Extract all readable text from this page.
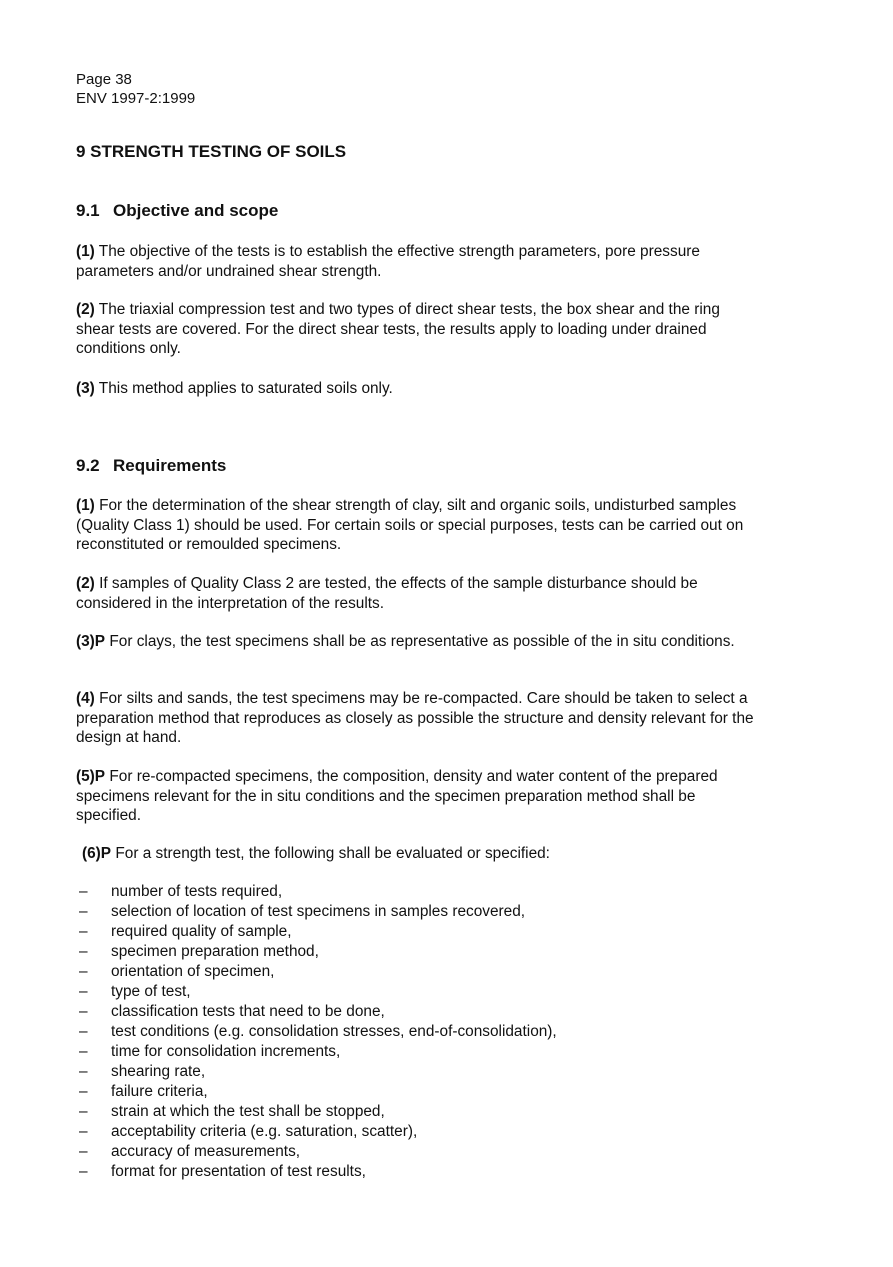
Page 38

ENV 1997-2:1999

9 STRENGTH TESTING OF SOILS
9.1 Objective and scope

(1) The objective of the tests is to establish the effective strength parameters, pore pressure parameters and/or undrained shear strength.

(2) The triaxial compression test and two types of direct shear tests, the box shear and the ring shear tests are covered. For the direct shear tests, the results apply to loading under drained conditions only.

(3) This method applies to saturated soils only.

9.2 Requirements

(1) For the determination of the shear strength of clay, silt and organic soils, undisturbed samples (Quality Class 1) should be used. For certain soils or special purposes, tests can be carried out on reconstituted or remoulded specimens.

(2) If samples of Quality Class 2 are tested, the effects of the sample disturbance should be considered in the interpretation of the results.

(3)P For clays, the test specimens shall be as representative as possible of the in situ conditions.

(4) For silts and sands, the test specimens may be re-compacted. Care should be taken to select a preparation method that reproduces as closely as possible the structure and density relevant for the design at hand.

(5)P For re-compacted specimens, the composition, density and water content of the prepared specimens relevant for the in situ conditions and the specimen preparation method shall be specified.

(6)P For a strength test, the following shall be evaluated or specified:

– number of tests required,
– selection of location of test specimens in samples recovered,
– required quality of sample,
– specimen preparation method,
– orientation of specimen,
– type of test,
– classification tests that need to be done,
– test conditions (e.g. consolidation stresses, end-of-consolidation),
– time for consolidation increments,
– shearing rate,
– failure criteria,
– strain at which the test shall be stopped,
– acceptability criteria (e.g. saturation, scatter),
– accuracy of measurements,
– format for presentation of test results,
